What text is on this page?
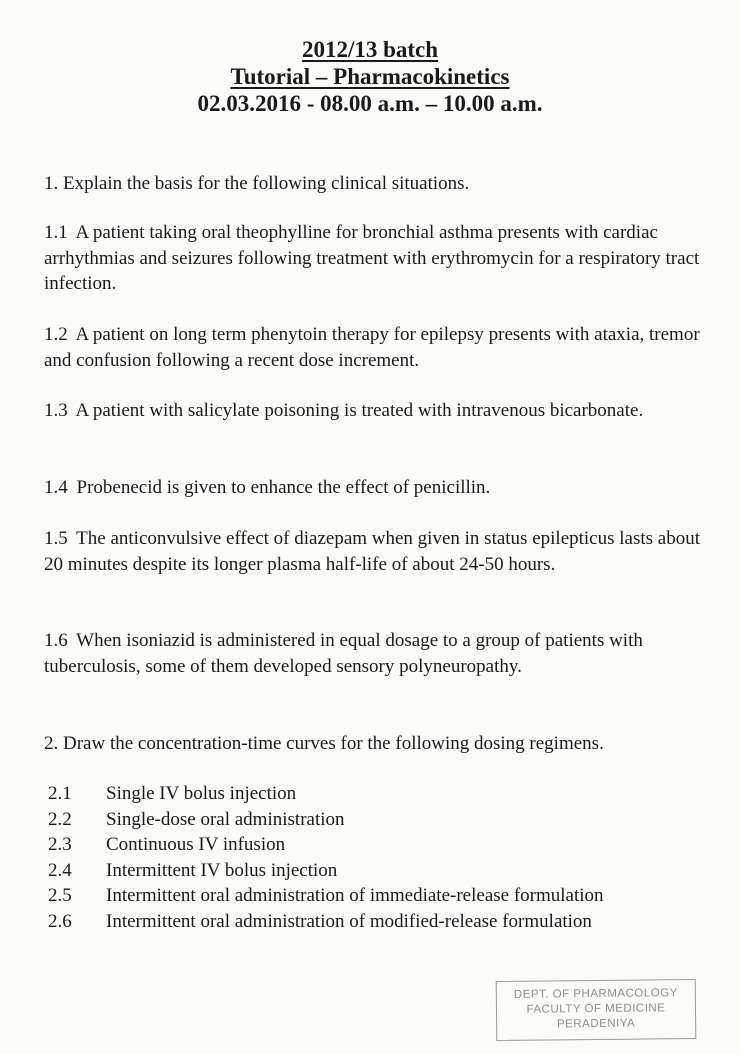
2012/13 batch
Tutorial – Pharmacokinetics
02.03.2016 - 08.00 a.m. – 10.00 a.m.
1. Explain the basis for the following clinical situations.
1.1 A patient taking oral theophylline for bronchial asthma presents with cardiac arrhythmias and seizures following treatment with erythromycin for a respiratory tract infection.
1.2 A patient on long term phenytoin therapy for epilepsy presents with ataxia, tremor and confusion following a recent dose increment.
1.3 A patient with salicylate poisoning is treated with intravenous bicarbonate.
1.4 Probenecid is given to enhance the effect of penicillin.
1.5 The anticonvulsive effect of diazepam when given in status epilepticus lasts about 20 minutes despite its longer plasma half-life of about 24-50 hours.
1.6 When isoniazid is administered in equal dosage to a group of patients with tuberculosis, some of them developed sensory polyneuropathy.
2. Draw the concentration-time curves for the following dosing regimens.
2.1	Single IV bolus injection
2.2	Single-dose oral administration
2.3	Continuous IV infusion
2.4	Intermittent IV bolus injection
2.5	Intermittent oral administration of immediate-release formulation
2.6	Intermittent oral administration of modified-release formulation
DEPT. OF PHARMACOLOGY
FACULTY OF MEDICINE
PERADENIYA
